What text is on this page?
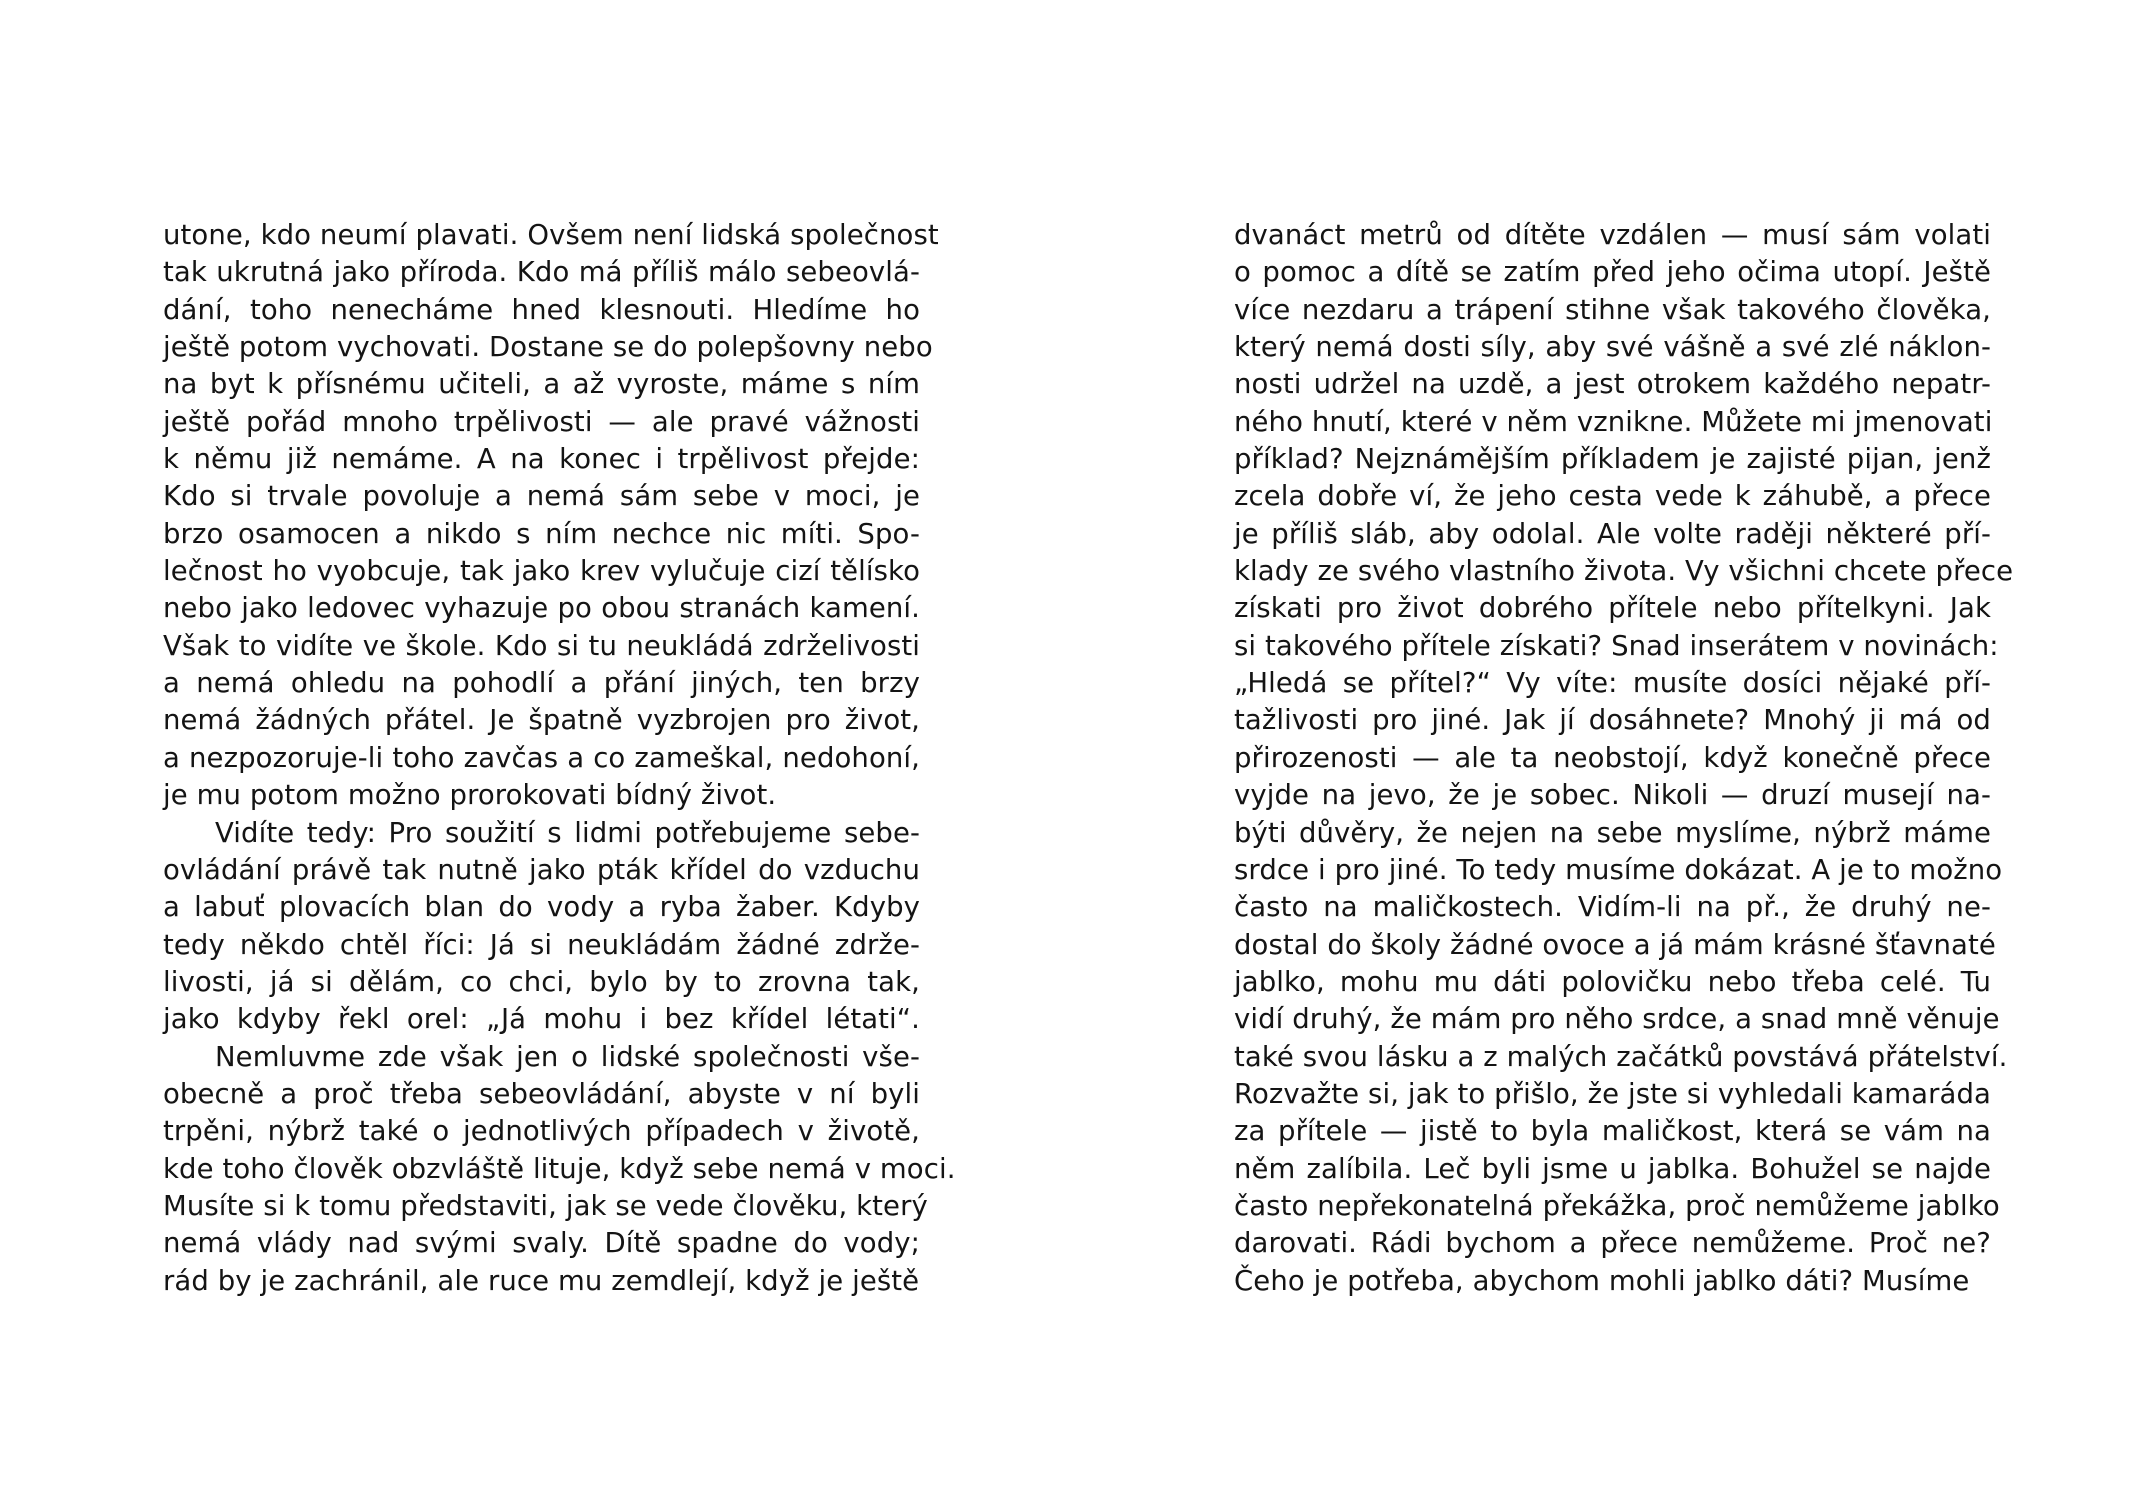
utone, kdo neumí plavati. Ovšem není lidská společnost
tak ukrutná jako příroda. Kdo má příliš málo sebeovlá-
dání, toho nenecháme hned klesnouti. Hledíme ho
ještě potom vychovati. Dostane se do polepšovny nebo
na byt k přísnému učiteli, a až vyroste, máme s ním
ještě pořád mnoho trpělivosti — ale pravé vážnosti
k němu již nemáme. A na konec i trpělivost přejde:
Kdo si trvale povoluje a nemá sám sebe v moci, je
brzo osamocen a nikdo s ním nechce nic míti. Spo-
lečnost ho vyobcuje, tak jako krev vylučuje cizí tělísko
nebo jako ledovec vyhazuje po obou stranách kamení.
Však to vidíte ve škole. Kdo si tu neukládá zdrželivosti
a nemá ohledu na pohodlí a přání jiných, ten brzy
nemá žádných přátel. Je špatně vyzbrojen pro život,
a nezpozoruje-li toho zavčas a co zameškal, nedohoní,
je mu potom možno prorokovati bídný život.
Vidíte tedy: Pro soužití s lidmi potřebujeme sebe-
ovládání právě tak nutně jako pták křídel do vzduchu
a labuť plovacích blan do vody a ryba žaber. Kdyby
tedy někdo chtěl říci: Já si neukládám žádné zdrže-
livosti, já si dělám, co chci, bylo by to zrovna tak,
jako kdyby řekl orel: „Já mohu i bez křídel létati“.
Nemluvme zde však jen o lidské společnosti vše-
obecně a proč třeba sebeovládání, abyste v ní byli
trpěni, nýbrž také o jednotlivých případech v životě,
kde toho člověk obzvláště lituje, když sebe nemá v moci.
Musíte si k tomu představiti, jak se vede člověku, který
nemá vlády nad svými svaly. Dítě spadne do vody;
rád by je zachránil, ale ruce mu zemdlejí, když je ještě
dvanáct metrů od dítěte vzdálen — musí sám volati
o pomoc a dítě se zatím před jeho očima utopí. Ještě
více nezdaru a trápení stihne však takového člověka,
který nemá dosti síly, aby své vášně a své zlé náklon-
nosti udržel na uzdě, a jest otrokem každého nepatr-
ného hnutí, které v něm vznikne. Můžete mi jmenovati
příklad? Nejznámějším příkladem je zajisté pijan, jenž
zcela dobře ví, že jeho cesta vede k záhubě, a přece
je příliš sláb, aby odolal. Ale volte raději některé pří-
klady ze svého vlastního života. Vy všichni chcete přece
získati pro život dobrého přítele nebo přítelkyni. Jak
si takového přítele získati? Snad inserátem v novinách:
„Hledá se přítel?“ Vy víte: musíte dosíci nějaké pří-
tažlivosti pro jiné. Jak jí dosáhnete? Mnohý ji má od
přirozenosti — ale ta neobstojí, když konečně přece
vyjde na jevo, že je sobec. Nikoli — druzí musejí na-
býti důvěry, že nejen na sebe myslíme, nýbrž máme
srdce i pro jiné. To tedy musíme dokázat. A je to možno
často na maličkostech. Vidím-li na př., že druhý ne-
dostal do školy žádné ovoce a já mám krásné šťavnaté
jablko, mohu mu dáti polovičku nebo třeba celé. Tu
vidí druhý, že mám pro něho srdce, a snad mně věnuje
také svou lásku a z malých začátků povstává přátelství.
Rozvažte si, jak to přišlo, že jste si vyhledali kamaráda
za přítele — jistě to byla maličkost, která se vám na
něm zalíbila. Leč byli jsme u jablka. Bohužel se najde
často nepřekonatelná překážka, proč nemůžeme jablko
darovati. Rádi bychom a přece nemůžeme. Proč ne?
Čeho je potřeba, abychom mohli jablko dáti? Musíme
